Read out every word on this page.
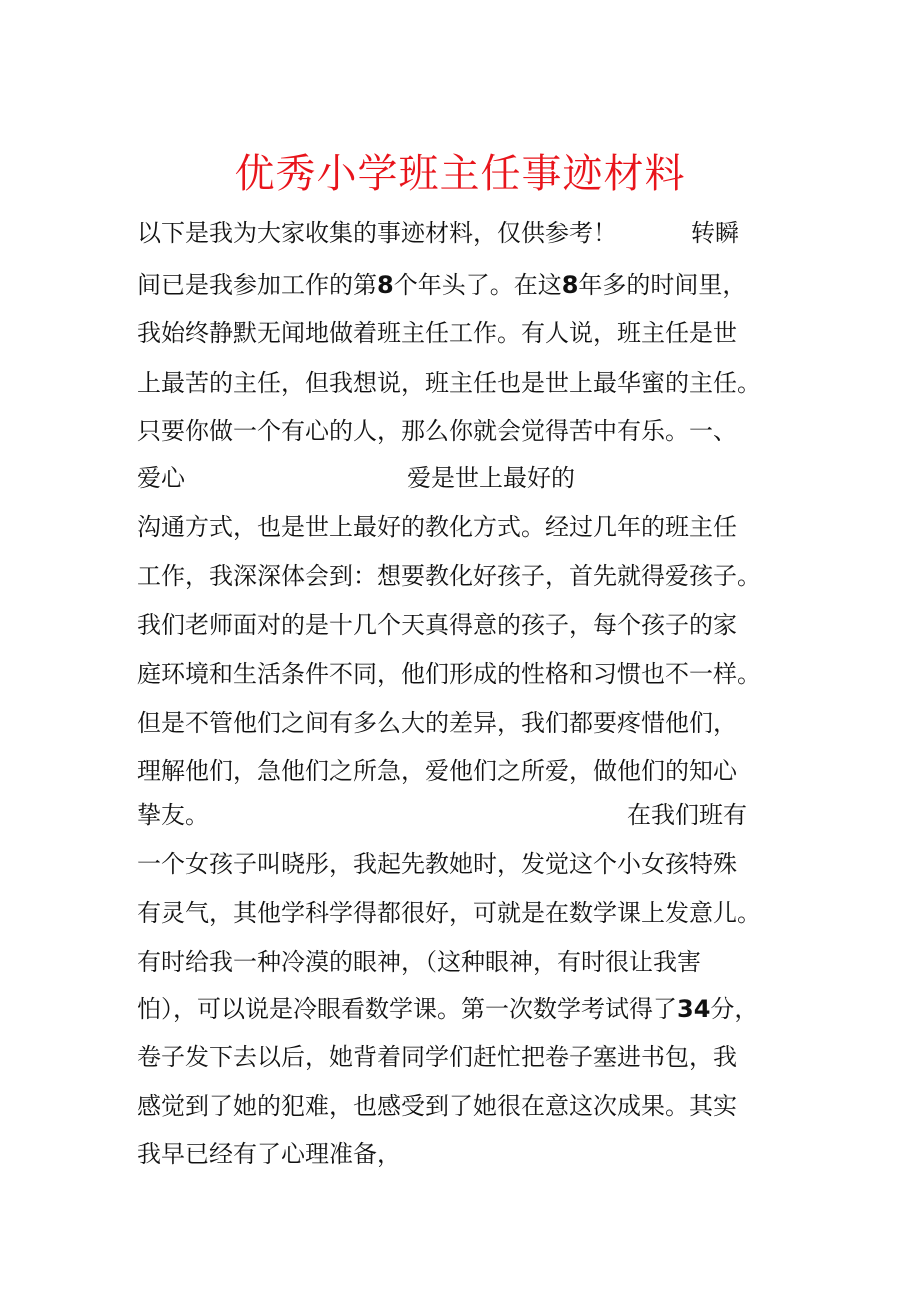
优秀小学班主任事迹材料
以下是我为大家收集的事迹材料，仅供参考！	转瞬
间已是我参加工作的第8个年头了。在这8年多的时间里，
我始终静默无闻地做着班主任工作。有人说，班主任是世
上最苦的主任，但我想说，班主任也是世上最华蜜的主任。
只要你做一个有心的人，那么你就会觉得苦中有乐。一、
爱心	爱是世上最好的
沟通方式，也是世上最好的教化方式。经过几年的班主任
工作，我深深体会到：想要教化好孩子，首先就得爱孩子。
我们老师面对的是十几个天真得意的孩子，每个孩子的家
庭环境和生活条件不同，他们形成的性格和习惯也不一样。
但是不管他们之间有多么大的差异，我们都要疼惜他们，
理解他们，急他们之所急，爱他们之所爱，做他们的知心
挚友。	在我们班有
一个女孩子叫晓彤，我起先教她时，发觉这个小女孩特殊
有灵气，其他学科学得都很好，可就是在数学课上发意儿。
有时给我一种冷漠的眼神，（这种眼神，有时很让我害
怕），可以说是冷眼看数学课。第一次数学考试得了34分，
卷子发下去以后，她背着同学们赶忙把卷子塞进书包，我
感觉到了她的犯难，也感受到了她很在意这次成果。其实
我早已经有了心理准备，
